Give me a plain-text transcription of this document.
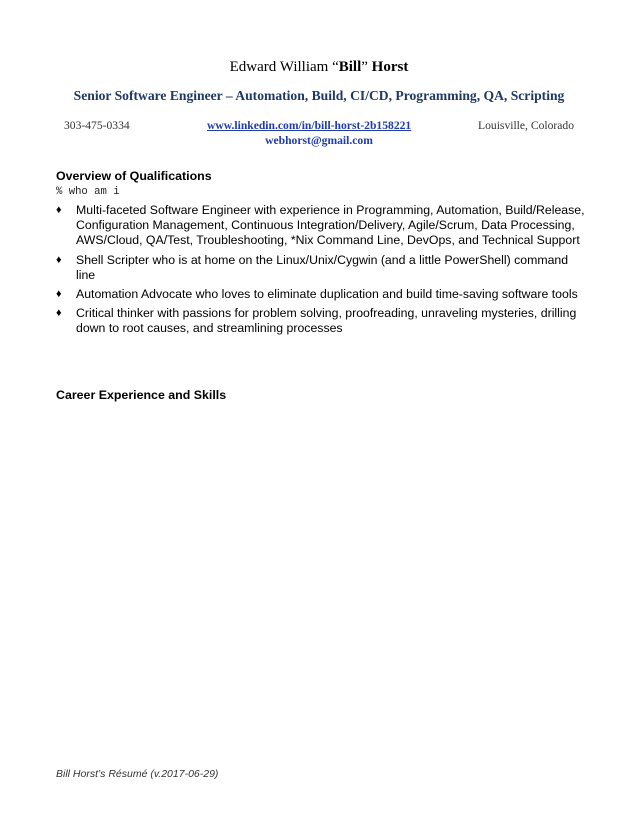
Edward William “Bill” Horst
Senior Software Engineer – Automation, Build, CI/CD, Programming, QA, Scripting
303-475-0334	www.linkedin.com/in/bill-horst-2b158221	Louisville, Colorado
webhorst@gmail.com
Overview of Qualifications
% who am i
♦ Multi-faceted Software Engineer with experience in Programming, Automation, Build/Release, Configuration Management, Continuous Integration/Delivery, Agile/Scrum, Data Processing, AWS/Cloud, QA/Test, Troubleshooting, *Nix Command Line, DevOps, and Technical Support
♦ Shell Scripter who is at home on the Linux/Unix/Cygwin (and a little PowerShell) command line
♦ Automation Advocate who loves to eliminate duplication and build time-saving software tools
♦ Critical thinker with passions for problem solving, proofreading, unraveling mysteries, drilling down to root causes, and streamlining processes
Career Experience and Skills
Bill Horst’s Résumé (v.2017-06-29)
